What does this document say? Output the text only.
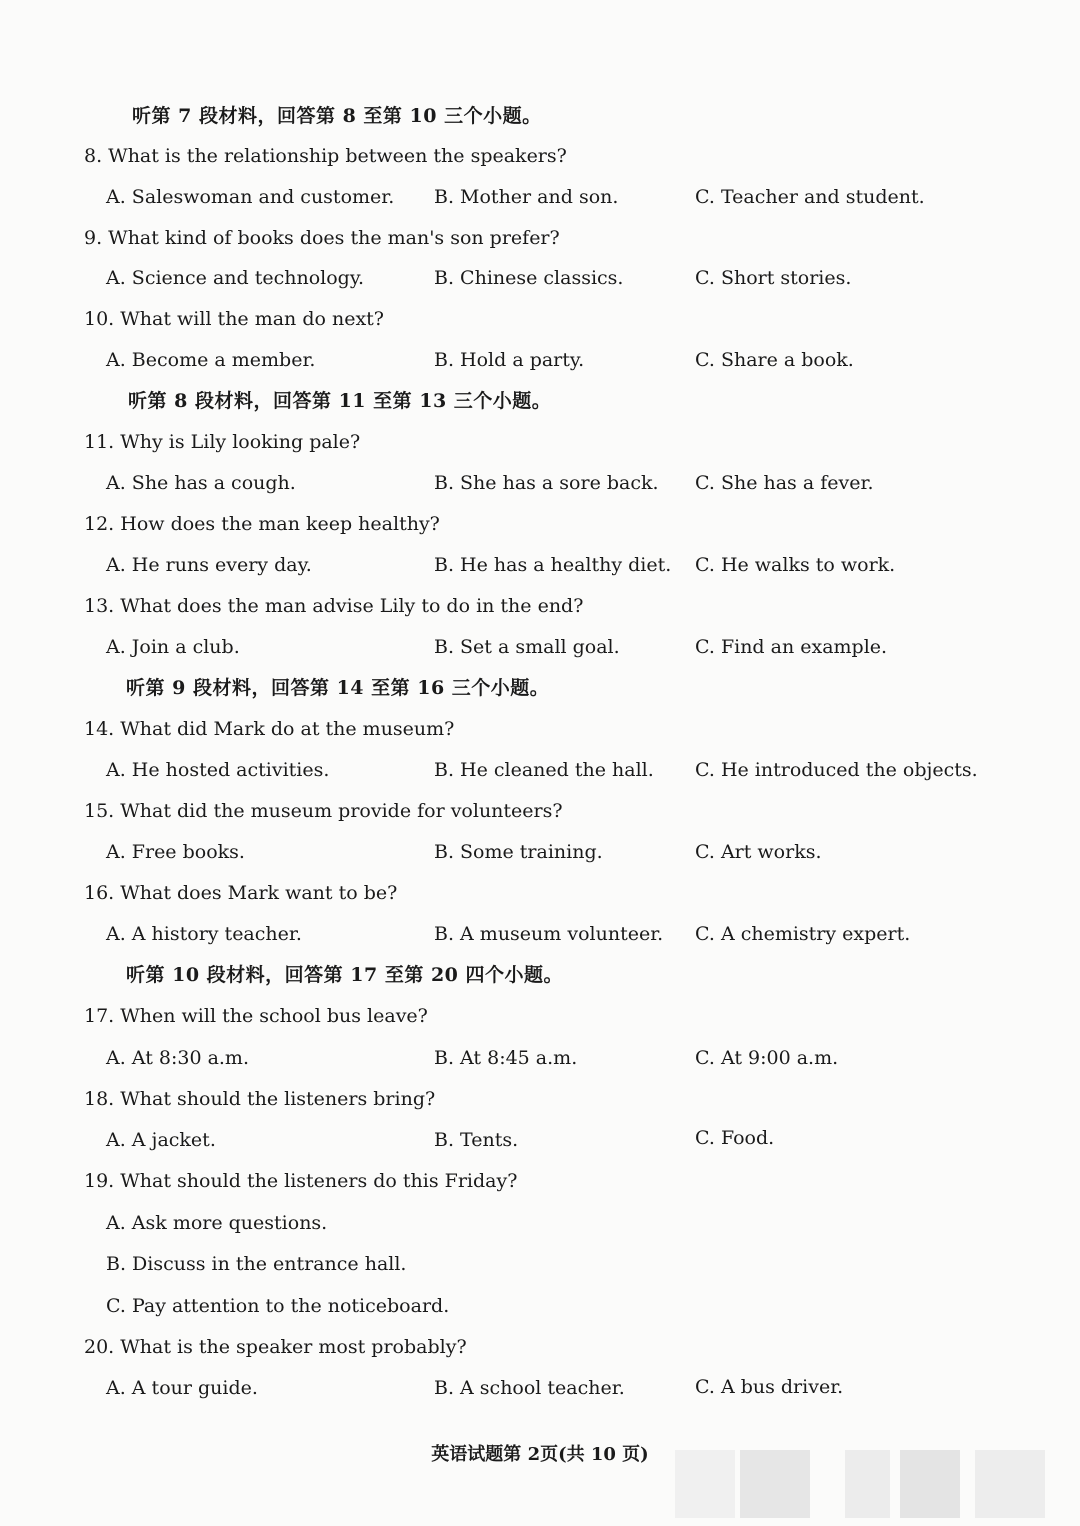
听第 7 段材料，回答第 8 至第 10 三个小题。
8. What is the relationship between the speakers?
A. Saleswoman and customer. B. Mother and son.	C. Teacher and student.
9. What kind of books does the man's son prefer?
A. Science and technology.	B. Chinese classics.	C. Short stories.
10. What will the man do next?
A. Become a member.	B. Hold a party.	C. Share a book.
听第 8 段材料，回答第 11 至第 13 三个小题。
11. Why is Lily looking pale?
A. She has a cough.	B. She has a sore back. C. She has a fever.
12. How does the man keep healthy?
A. He runs every day.	B. He has a healthy diet. C. He walks to work.
13. What does the man advise Lily to do in the end?
A. Join a club.	B. Set a small goal.	C. Find an example.
听第 9 段材料，回答第 14 至第 16 三个小题。
14. What did Mark do at the museum?
A. He hosted activities.	B. He cleaned the hall. C. He introduced the objects.
15. What did the museum provide for volunteers?
A. Free books.	B. Some training.	C. Art works.
16. What does Mark want to be?
A. A history teacher.	B. A museum volunteer. C. A chemistry expert.
听第 10 段材料，回答第 17 至第 20 四个小题。
17. When will the school bus leave?
A. At 8:30 a.m.	B. At 8:45 a.m.	C. At 9:00 a.m.
18. What should the listeners bring?
A. A jacket.	B. Tents.	C. Food.
19. What should the listeners do this Friday?
A. Ask more questions.
B. Discuss in the entrance hall.
C. Pay attention to the noticeboard.
20. What is the speaker most probably?
A. A tour guide.	B. A school teacher.	C. A bus driver.
英语试题第 2页(共 10 页)
